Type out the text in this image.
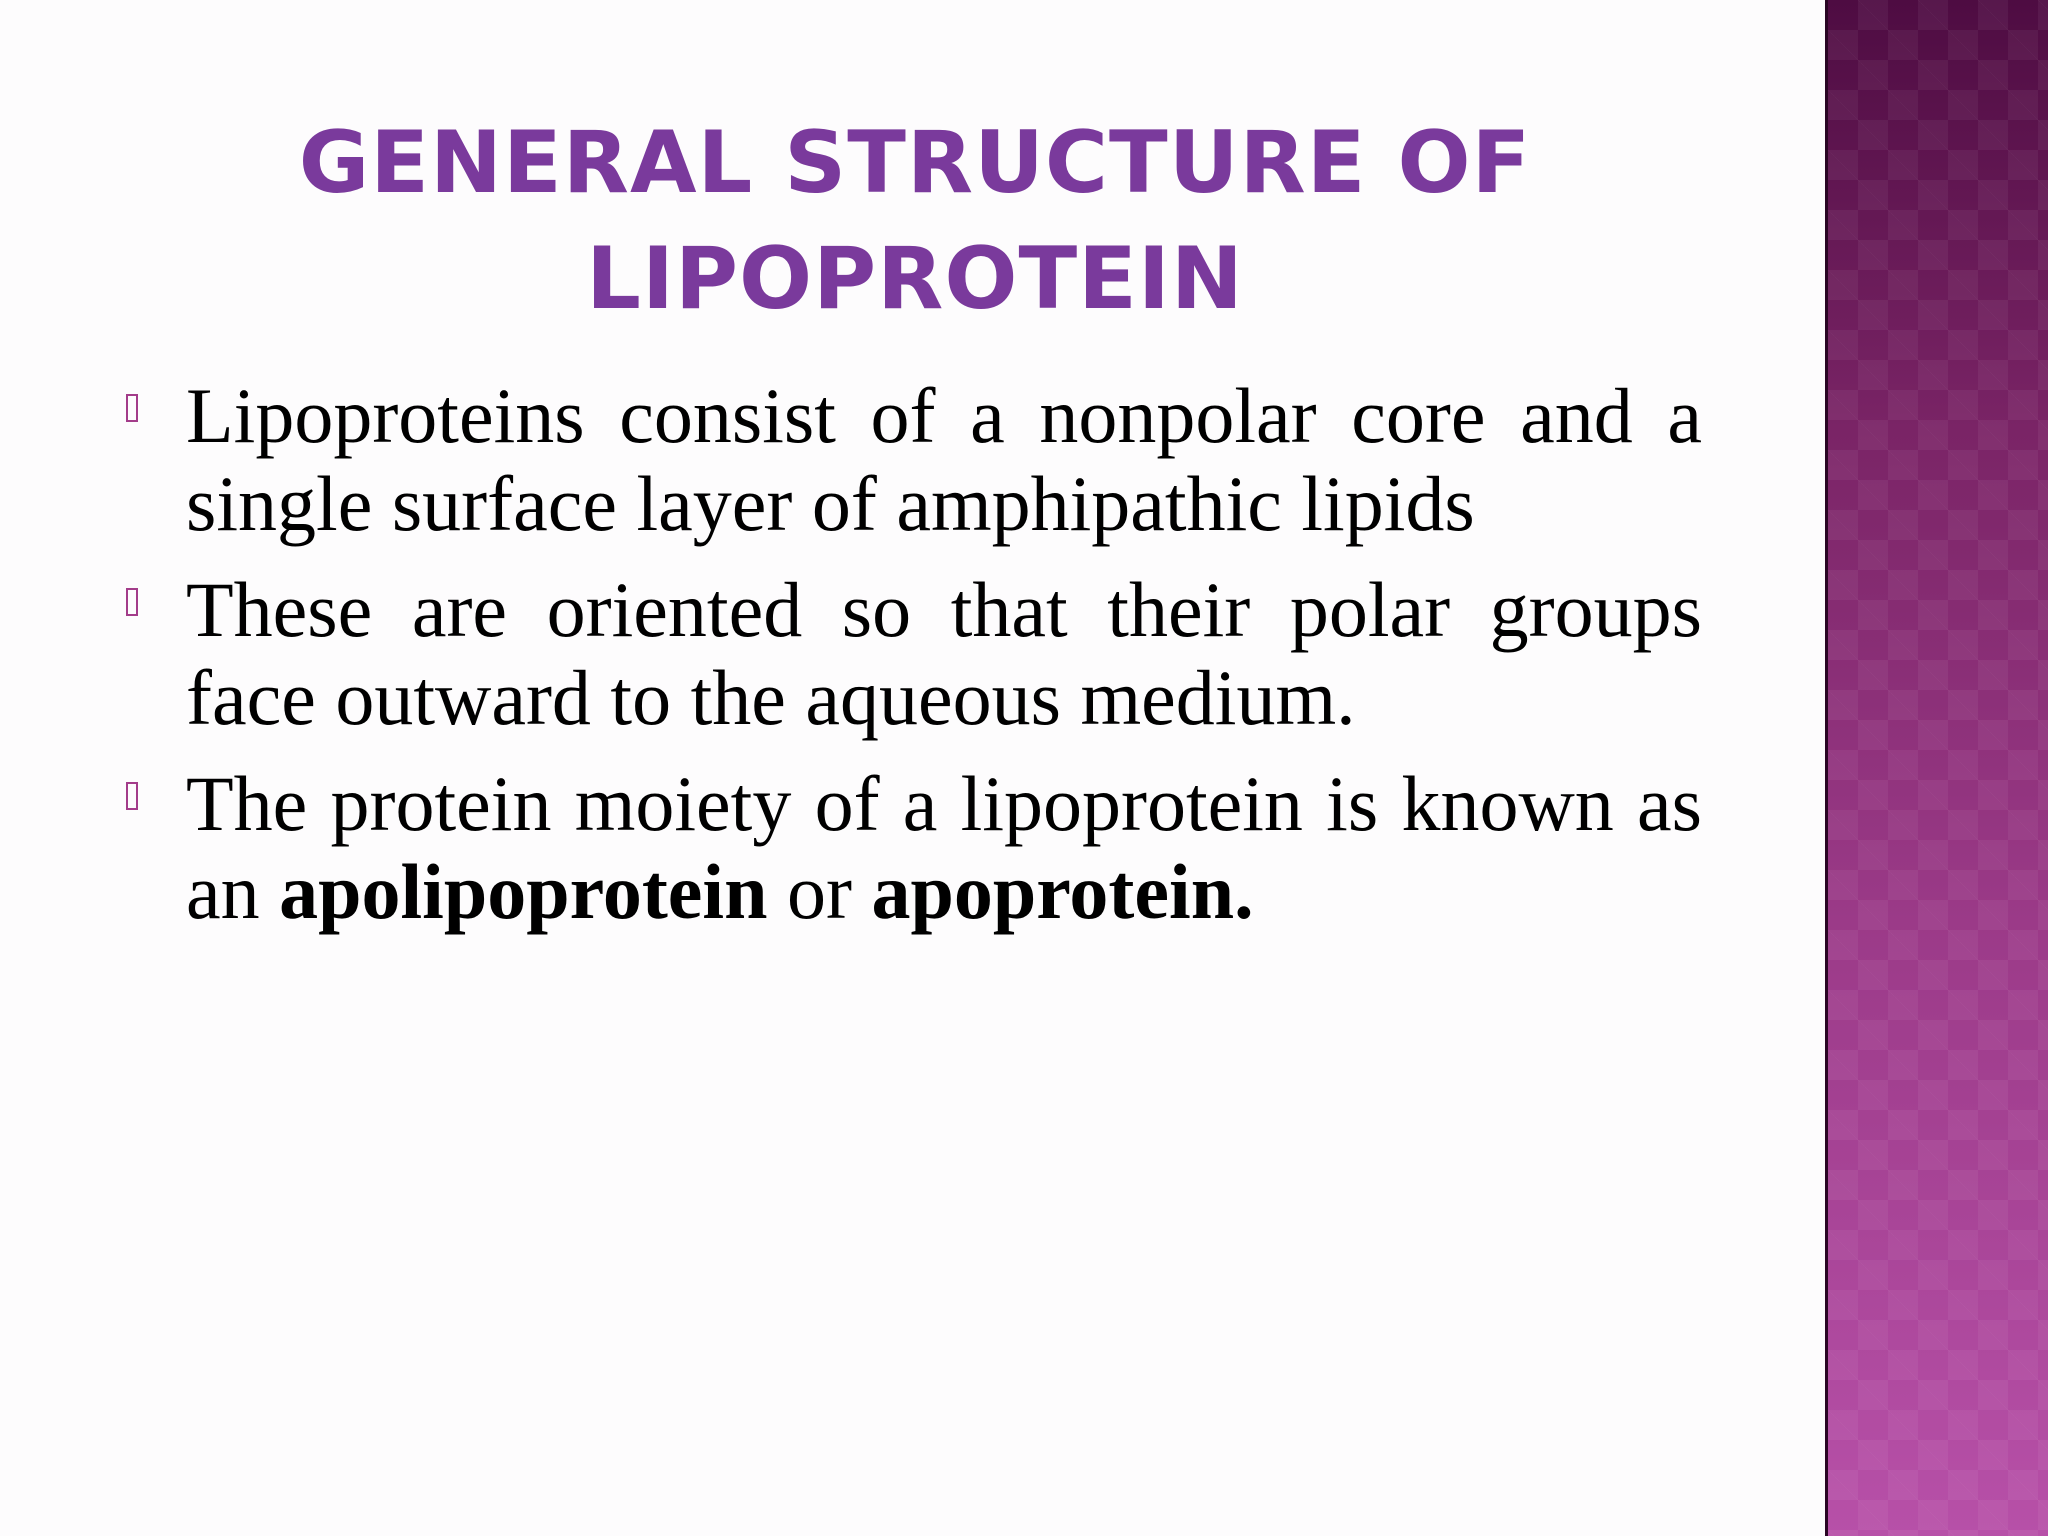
GENERAL STRUCTURE OF
LIPOPROTEIN
Lipoproteins consist of a nonpolar core and a single surface layer of amphipathic lipids
These are oriented so that their polar groups face outward to the aqueous medium.
The protein moiety of a lipoprotein is known as an apolipoprotein or apoprotein.
